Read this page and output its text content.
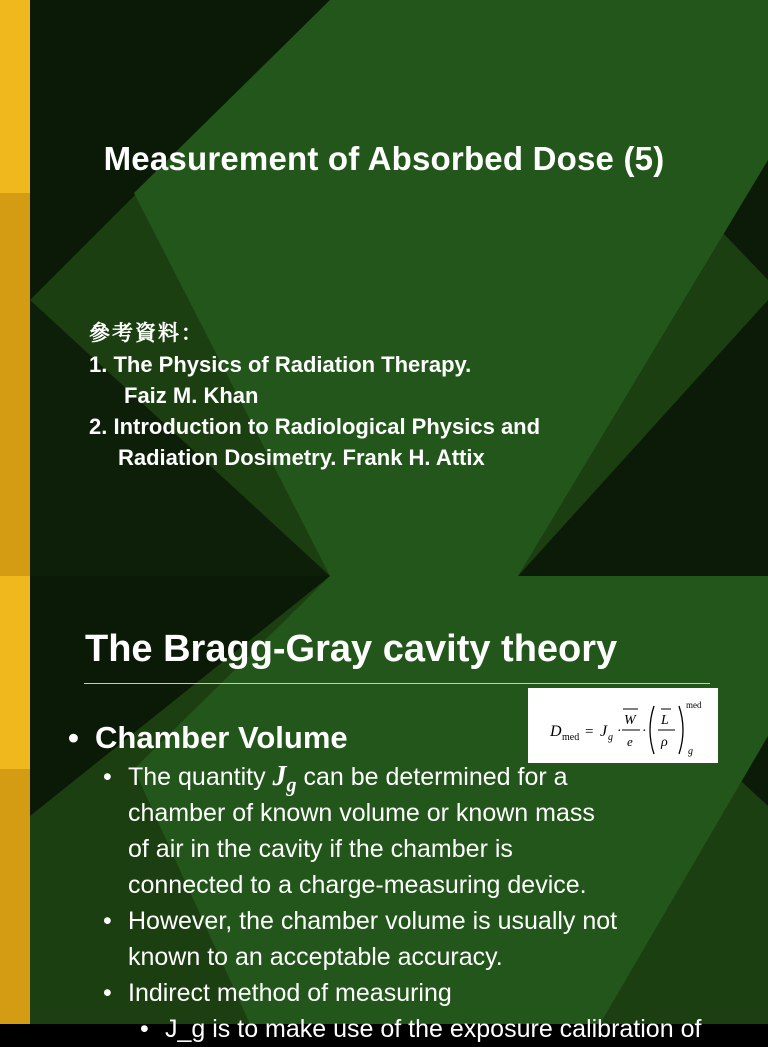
Measurement of Absorbed Dose (5)
參考資料：
1. The Physics of Radiation Therapy.
Faiz M. Khan
2. Introduction to Radiological Physics and
Radiation Dosimetry. Frank H. Attix
The Bragg-Gray cavity theory
D med = J g ·
W
e
·
L
ρ
med
g
• Chamber Volume
• The quantity $J_g$ can be determined for a
chamber of known volume or known mass
of air in the cavity if the chamber is
connected to a charge-measuring device.
• However, the chamber volume is usually not
known to an acceptable accuracy.
• Indirect method of measuring
• J_g is to make use of the exposure calibration of
